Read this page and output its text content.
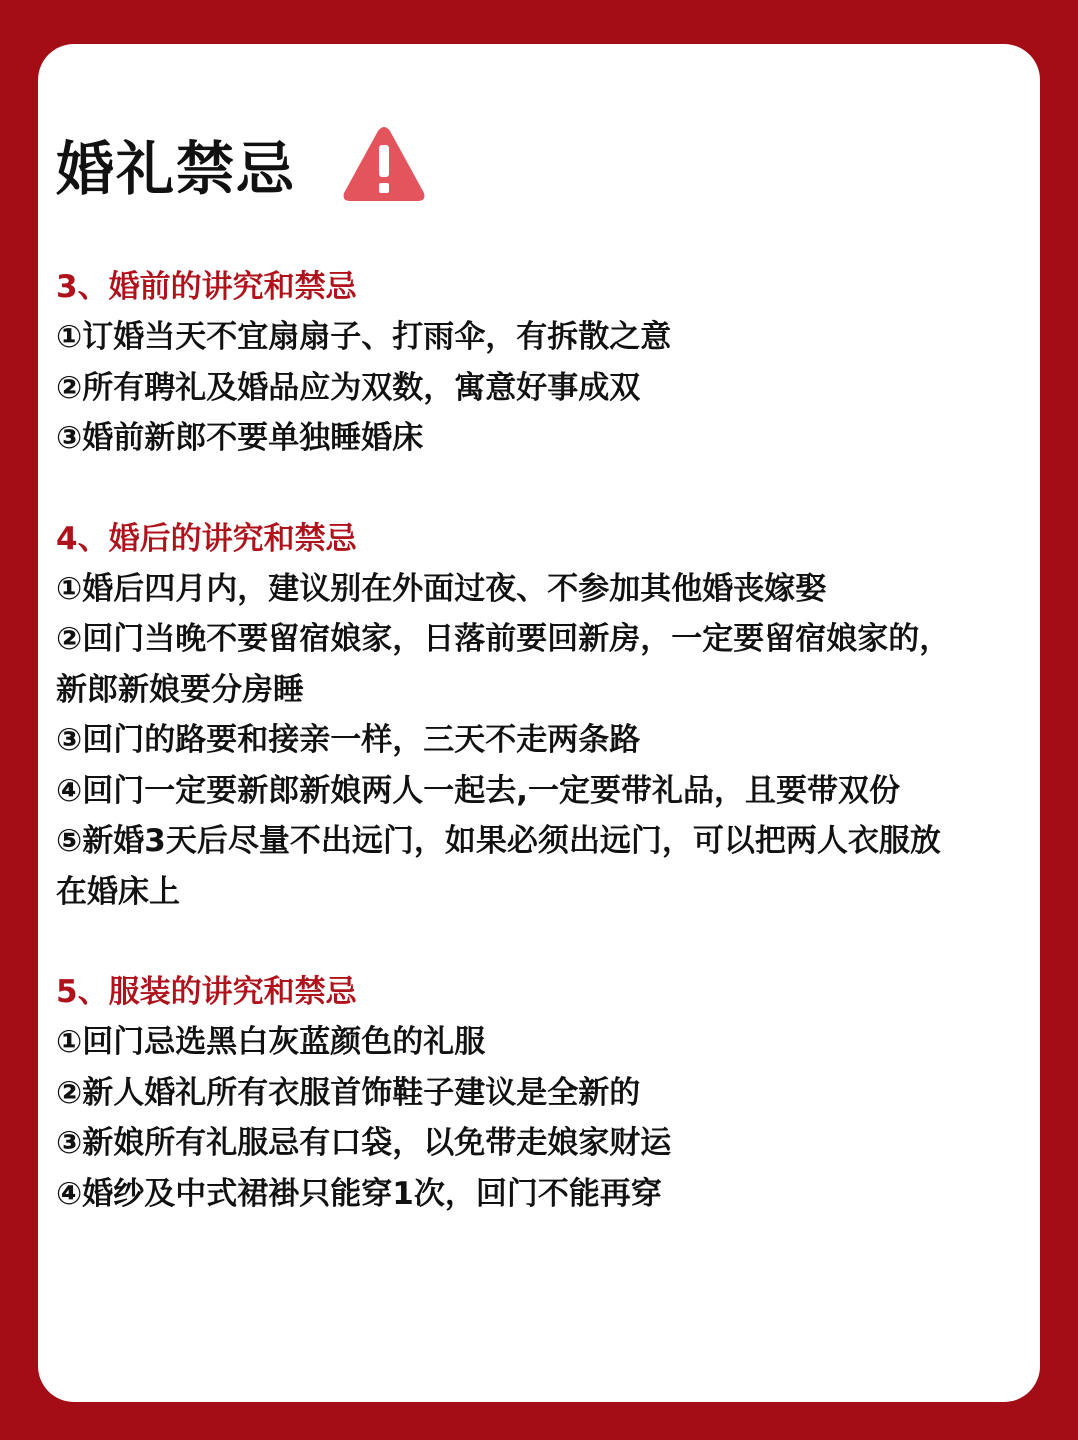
婚礼禁忌
3、婚前的讲究和禁忌
①订婚当天不宜扇扇子、打雨伞，有拆散之意
②所有聘礼及婚品应为双数，寓意好事成双
③婚前新郎不要单独睡婚床
4、婚后的讲究和禁忌
①婚后四月内，建议别在外面过夜、不参加其他婚丧嫁娶
②回门当晚不要留宿娘家，日落前要回新房，一定要留宿娘家的，新郎新娘要分房睡
③回门的路要和接亲一样，三天不走两条路
④回门一定要新郎新娘两人一起去,一定要带礼品，且要带双份
⑤新婚3天后尽量不出远门，如果必须出远门，可以把两人衣服放在婚床上
5、服装的讲究和禁忌
①回门忌选黑白灰蓝颜色的礼服
②新人婚礼所有衣服首饰鞋子建议是全新的
③新娘所有礼服忌有口袋，以免带走娘家财运
④婚纱及中式裙褂只能穿1次，回门不能再穿
